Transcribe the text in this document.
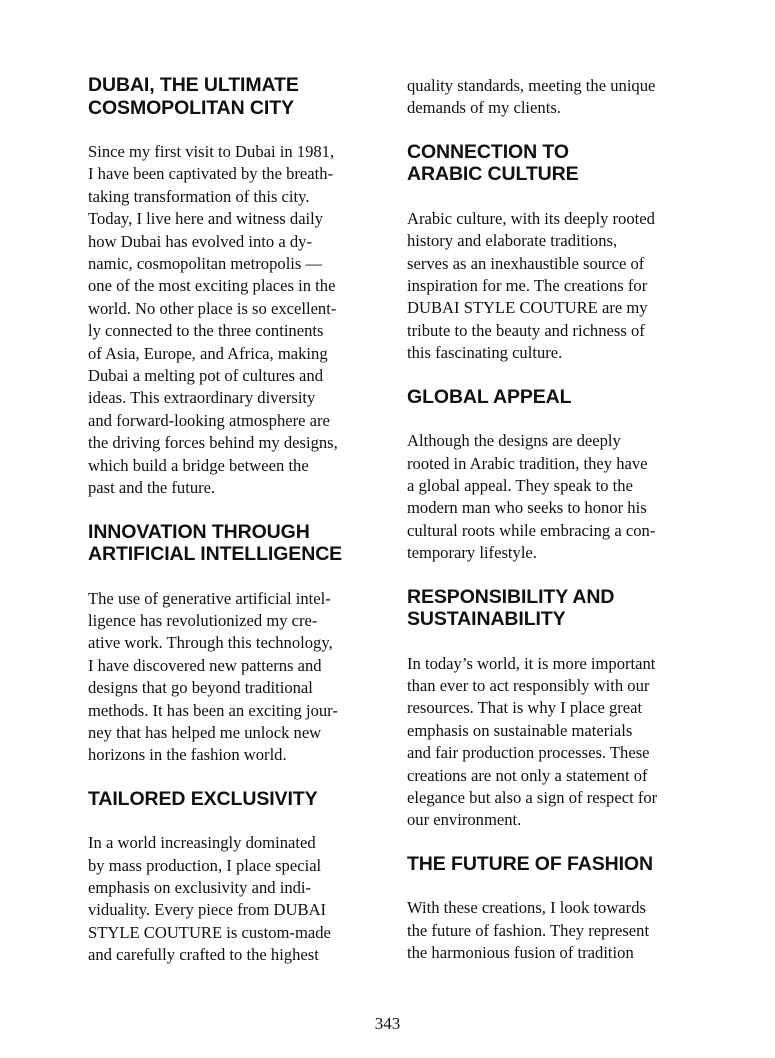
DUBAI, THE ULTIMATE
COSMOPOLITAN CITY

Since my first visit to Dubai in 1981,
I have been captivated by the breath-
taking transformation of this city.
Today, I live here and witness daily
how Dubai has evolved into a dy-
namic, cosmopolitan metropolis —
one of the most exciting places in the
world. No other place is so excellent-
ly connected to the three continents
of Asia, Europe, and Africa, making
Dubai a melting pot of cultures and
ideas. This extraordinary diversity
and forward-looking atmosphere are
the driving forces behind my designs,
which build a bridge between the
past and the future.

INNOVATION THROUGH
ARTIFICIAL INTELLIGENCE

The use of generative artificial intel-
ligence has revolutionized my cre-
ative work. Through this technology,
I have discovered new patterns and
designs that go beyond traditional
methods. It has been an exciting jour-
ney that has helped me unlock new
horizons in the fashion world.

TAILORED EXCLUSIVITY

In a world increasingly dominated
by mass production, I place special
emphasis on exclusivity and indi-
viduality. Every piece from DUBAI
STYLE COUTURE is custom-made
and carefully crafted to the highest

quality standards, meeting the unique
demands of my clients.

CONNECTION TO
ARABIC CULTURE

Arabic culture, with its deeply rooted
history and elaborate traditions,
serves as an inexhaustible source of
inspiration for me. The creations for
DUBAI STYLE COUTURE are my
tribute to the beauty and richness of
this fascinating culture.

GLOBAL APPEAL

Although the designs are deeply
rooted in Arabic tradition, they have
a global appeal. They speak to the
modern man who seeks to honor his
cultural roots while embracing a con-
temporary lifestyle.

RESPONSIBILITY AND
SUSTAINABILITY

In today’s world, it is more important
than ever to act responsibly with our
resources. That is why I place great
emphasis on sustainable materials
and fair production processes. These
creations are not only a statement of
elegance but also a sign of respect for
our environment.

THE FUTURE OF FASHION

With these creations, I look towards
the future of fashion. They represent
the harmonious fusion of tradition

343
